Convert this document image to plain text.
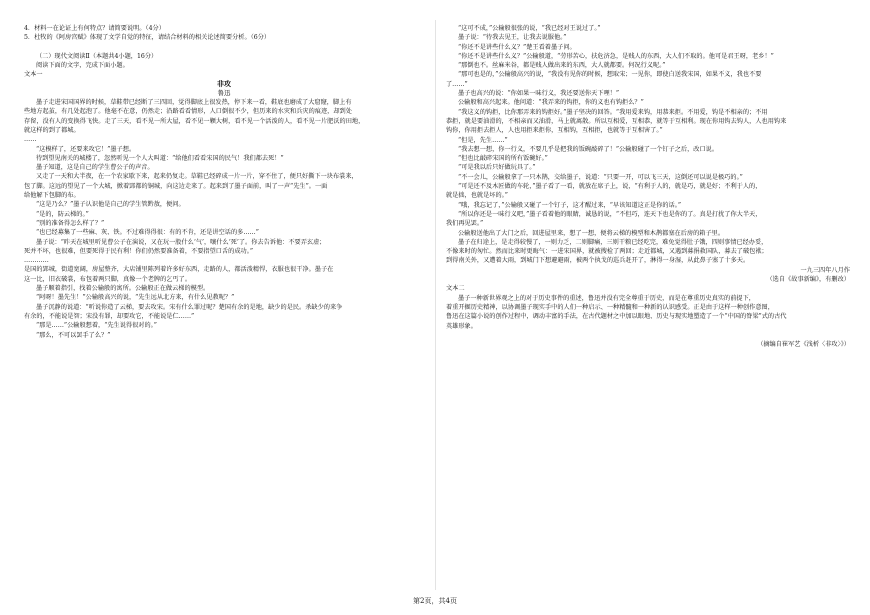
4．材料一在论证上有何特点？请简要说明。（4分）
5．杜牧的《阿房宫赋》体现了文学自觉的特征，请结合材料的相关论述简要分析。（6分）
（二）现代文阅读Ⅱ（本题共4小题，16分）
阅读下面的文字，完成下面小题。
文本一
非攻
鲁迅
墨子走进宋国国界的时候，草鞋带已经断了三四回，觉得脚底上很发热，停下来一看，鞋底也磨成了大窟窿，脚上有
些地方起茧，有几处起泡了。他毫不在意，仍然走；沿路看看情形，人口倒很不少，但历来的水灾和兵灾的痕迹，却到处
存留，没有人的变换得飞快。走了三天，看不见一所大屋，看不见一颗大树，看不见一个活泼的人，看不见一片肥沃的田地，
就这样的到了都城。
……
“这模样了，还要来攻它！”墨子想。
待到望见南关的城楼了，忽然听见一个人大叫道：“给他们看看宋国的民气！我们都去死！”
墨子知道，这是自己的学生曹公子的声音。
又走了一天和大半夜，在一个农家歇下来，起来仍复走。草鞋已经碎成一片一片，穿不住了，便只好撕下一块布裳来，
包了脚。这远的望见了一个大城，掀着郢都的铜城，向这边走来了。起来到了墨子面前，叫了一声“先生”。一面
给他解下包脚的布。
“这是乃么？”墨子认识他是自己的学生管黔敖，便问。
“是的，防云梯的。”
“别的准备得怎么样了？”
“也已经募集了一些麻、灰、铁。不过难得得很：有的不肯，还是讲空话的多……”
墨子说：“昨天在城里听见曹公子在演说，又在玩一股什么‘气’，嚷什么‘死’了。你去告诉他：不要弄玄虚；
死并不坏，也很难，但要死得于民有利！你们仍然要准备着，不要指望口舌的成功。”
…………
是国的郢城，街道宽阔，房屋整齐，大店铺里陈列着许多好东西，走路的人，都活泼精悍，衣服也很干净。墨子在
这一比，旧衣破裳，布包着两只脚，真像一个老牌的乞丐了。
墨子顺着指引，找着公输般的寓所。公输般正在做云梯的模型。
“阿呀！墨先生！”公输般高兴的说，“先生远从北方来，有什么见教呢？”
墨子沉静的说道：“听说你造了云梯，要去攻宋。宋有什么罪过呢？楚国有余的是地，缺少的是民。杀缺少的来争
有余的，不能说是智；宋没有罪，却要攻它，不能说是仁……”
“那是……”公输般想着，“先生说得很对的。”
“那么，不可以罢手了么？”
“这可不成，”公输般很张的说，“我已经对王说过了。”
墨子说：“待我去见王，让我去说服他。”
“你还不是讲些什么义？”楚王看着墨子问。
“你还不是讲些什么义？”公输般道，“劳形苦心，扶危济急，是贱人的东西，大人们不取的。他可是君王呀，老乡！”
“那倒也不。丝麻米谷，都是贱人做出来的东西，大人就都要。何况行义呢。”
“那可也是的，”公输般高兴的说，“我没有见你的时候，想取宋；一见你，即使白送我宋国，如果不义，我也不要
了……”
墨子也高兴的说：“你如果一味行义，我还要送你天下哩！”
公输般和高兴起来。他问道：“我弄来的钩拒，你的义也有钩拒么？”
“我这义的钩拒，比你那弄来的钩拒好。”墨子坚决的回答。“我用爱来钩，用恭来拒。不用爱，钩是不相亲的；不用
恭拒，就是要油滑的，不相亲而又油滑，马上就离散。所以互相爱，互相恭，就等于互相利。现在你用钩去钩人，人也用钩来
钩你，你用拒去拒人，人也用拒来拒你，互相钩，互相拒，也就等于互相害了。”
“但是，先生……”
“我去想一想，你一行义，不要几乎是把我的饭碗敲碎了！”公输般碰了一个钉子之后，改口说。
“但也比敲碎宋国的所有饭碗好。”
“可是我以后只好做玩具了。”
“不一会儿，公输般拿了一只木鹊，交给墨子，说道：“只要一开，可以飞三天，这倒还可以说是极巧的。”
“可是还不及木匠做的车轮，”墨子看了一看，就放在席子上，说，“有利于人的，就是巧，就是好；不利于人的，
就是拙，也就是坏的。”
“哦，我忘记了，”公输般又碰了一个钉子，这才醒过来，“早该知道这正是你的话。”
“所以你还是一味行义吧，”墨子看着他的眼睛，诚恳的说，“不但巧，连天下也是你的了。真是打扰了你大半天，
我们再见罢。”
公输般送他出了大门之后，回进屋里来，想了一想，便将云梯的模型和木鹊都塞在后房的箱子里。
墨子在归途上，是走得较慢了，一则力乏，二则脚痛，三则干粮已经吃完，难免觉得肚子饿，四则事情已经办妥，
不像来时的匆忙。然而比来时更晦气：一进宋国界，就被搜检了两回；走近都城，又遇到募捐救国队，募去了破包袱；
到得南关外，又遭着大雨，到城门下想避避雨，被两个执戈的巡兵赶开了，淋得一身湿，从此鼻子塞了十多天。
一九三四年八月作
（选自《故事新编》，有删改）
文本二
墨子一种新世界观之上的对于历史事件的重述，鲁迅并没有完全尊重于历史，而是在尊重历史真实的前提下，
着重开掘历史精神，以协调墨子现实手中的人们一种启示、一种精髓和一种新的认识感受。正是由于这样一种创作意图，
鲁迅在这篇小说的创作过程中，调动丰富的手法，在古代题材之中加以眼地、历史与现实地塑造了一个“中国的脊梁”式的古代
英雄形象。
（摘编自崔军艺《浅析〈非攻〉》）
第2页，共4页
